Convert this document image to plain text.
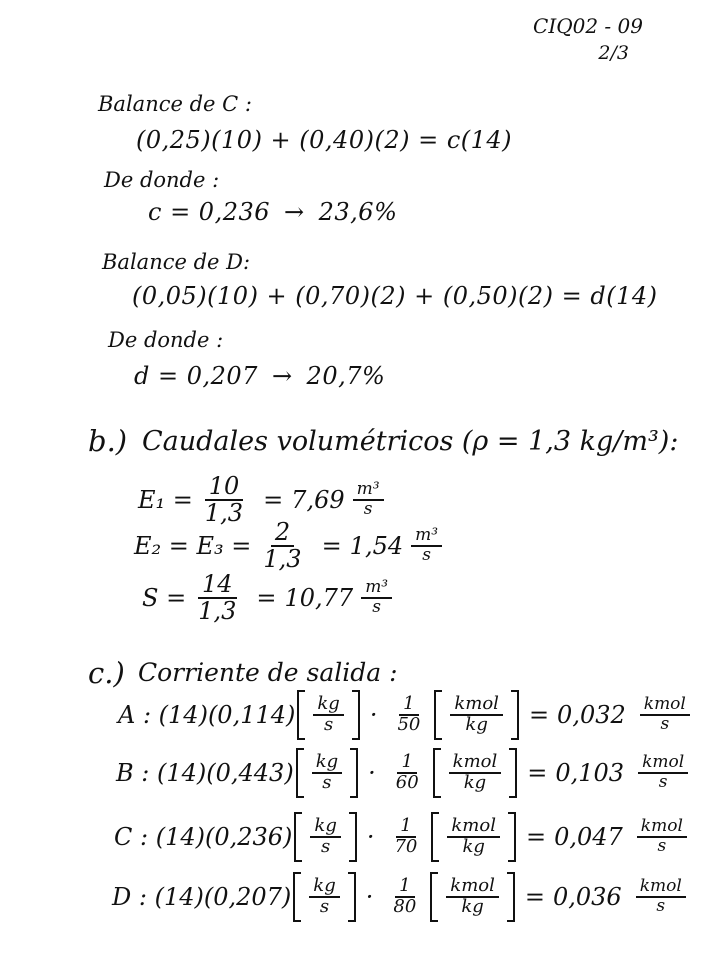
CIQ02 - 09
2/3
Balance de C :
(0,25)(10) + (0,40)(2) = c(14)
De donde :
c = 0,236 → 23,6%
Balance de D:
(0,05)(10) + (0,70)(2) + (0,50)(2) = d(14)
De donde :
d = 0,207 → 20,7%
b.) Caudales volumétricos (ρ = 1,3 kg/m³):
$E_1 = \frac{10}{1,3} = 7,69 \frac{\text{m³}}{s}$
$E_2 = E_3 = \frac{2}{1,3} = 1,54 \frac{\text{m³}}{s}$
$S = \frac{14}{1,3} = 10,77 \frac{\text{m³}}{s}$
c.) Corriente de salida :
A : $(14)(0,114) \frac{kg}{s} \cdot \frac{1}{50} \frac{\text{kmol}}{kg} = 0,032 \frac{\text{kmol}}{s}$
B : $(14)(0,443) \frac{kg}{s} \cdot \frac{1}{60} \frac{\text{kmol}}{kg} = 0,103 \frac{\text{kmol}}{s}$
C : $(14)(0,236) \frac{kg}{s} \cdot \frac{1}{70} \frac{\text{kmol}}{kg} = 0,047 \frac{\text{kmol}}{s}$
D : $(14)(0,207) \frac{kg}{s} \cdot \frac{1}{80} \frac{\text{kmol}}{kg} = 0,036 \frac{\text{kmol}}{s}$
